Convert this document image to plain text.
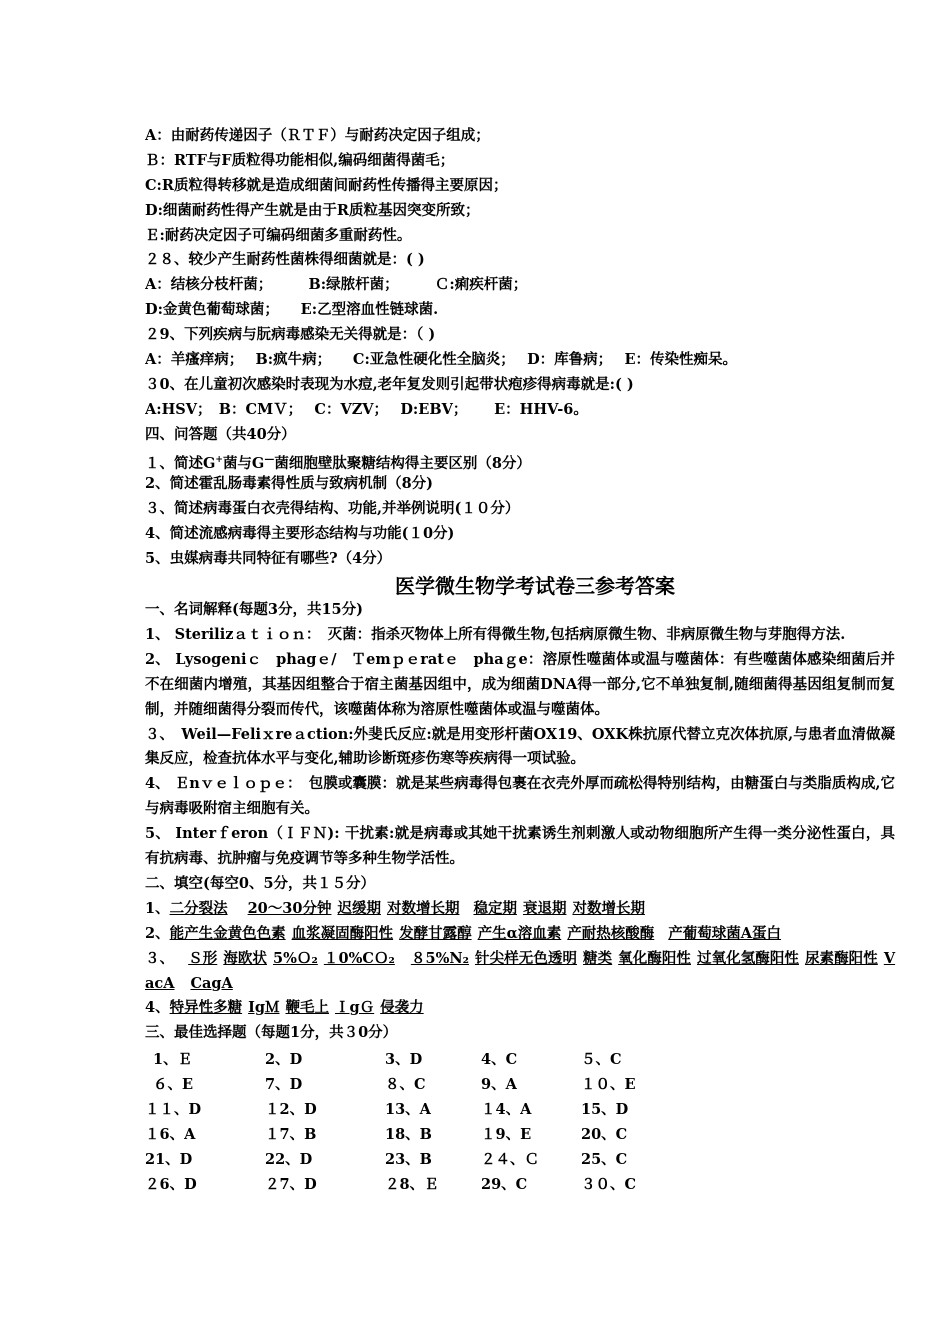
A：由耐药传递因子（ＲＴＦ）与耐药决定因子组成；
Ｂ：RTF与F质粒得功能相似,编码细菌得菌毛；
C:R质粒得转移就是造成细菌间耐药性传播得主要原因；
D:细菌耐药性得产生就是由于R质粒基因突变所致；
Ｅ:耐药决定因子可编码细菌多重耐药性。
２８、较少产生耐药性菌株得细菌就是：( )
A：结核分枝杆菌；　　　B:绿脓杆菌；　　　Ｃ:痢疾杆菌；
D:金黄色葡萄球菌；　　E:乙型溶血性链球菌.
２9、下列疾病与朊病毒感染无关得就是：（ )
A：羊瘙痒病；　 B:疯牛病；　　C:亚急性硬化性全脑炎；　 D：库鲁病；　 E：传染性痴呆。
３0、在儿童初次感染时表现为水痘,老年复发则引起带状疱疹得病毒就是:( )
A:HSV；　B：CMＶ；　 C：VZV；　 D:EBV；　　 E：HHV-6。
四、问答题（共40分）
１、简述G+菌与G—菌细胞壁肽聚糖结构得主要区别（8分）
2、简述霍乱肠毒素得性质与致病机制（8分)
３、简述病毒蛋白衣壳得结构、功能,并举例说明(１０分）
4、简述流感病毒得主要形态结构与功能(１0分)
5、虫媒病毒共同特征有哪些?（4分）
医学微生物学考试卷三参考答案
一、名词解释(每题3分，共15分)
1、 Sterilizａｔｉｏｎ：　灭菌：指杀灭物体上所有得微生物,包括病原微生物、非病原微生物与芽胞得方法.
2、 Lysogeniｃ　phagｅ/　Ｔemｐｅratｅ　phaｇe：溶原性噬菌体或温与噬菌体：有些噬菌体感染细菌后并不在细菌内增殖，其基因组整合于宿主菌基因组中，成为细菌DNA得一部分,它不单独复制,随细菌得基因组复制而复制，并随细菌得分裂而传代，该噬菌体称为溶原性噬菌体或温与噬菌体。
３、　Weil—Feliｘreａction:外斐氏反应:就是用变形杆菌OX19、OXK株抗原代替立克次体抗原,与患者血清做凝集反应，检查抗体水平与变化,辅助诊断斑疹伤寒等疾病得一项试验。
4、 Ｅnｖｅｌｏｐｅ：　包膜或囊膜：就是某些病毒得包裹在衣壳外厚而疏松得特别结构，由糖蛋白与类脂质构成,它与病毒吸附宿主细胞有关。
5、 Interｆeron（ＩＦＮ): 干扰素:就是病毒或其她干扰素诱生剂刺激人或动物细胞所产生得一类分泌性蛋白，具有抗病毒、抗肿瘤与免疫调节等多种生物学活性。
二、填空(每空0、5分，共１５分）
1、二分裂法 20～30分钟 迟缓期 对数增长期 稳定期 衰退期 对数增长期
2、能产生金黄色色素 血浆凝固酶阳性 发酵甘露醇 产生α溶血素 产耐热核酸酶 产葡萄球菌A蛋白
３、 Ｓ形 海欧状 5%Ｏ₂ １0%CＯ₂ ８5%N₂ 针尖样无色透明 糖类 氧化酶阳性 过氧化氢酶阳性 尿素酶阳性 VacA CagA
4、特异性多糖 IgＭ 鞭毛上 ＩgＧ 侵袭力
三、最佳选择题（每题1分，共３0分）
1、Ｅ	2、D	3、D	4、C	５、C
６、E	7、D	８、C	9、A	１０、E
１１、D	１2、D	13、A	１4、A	15、D
１6、A	１7、B	18、B	１9、E	20、C
21、D	22、D	23、B	２４、Ｃ	25、C
２6、D	２7、D	２8、Ｅ	29、C	３０、C
